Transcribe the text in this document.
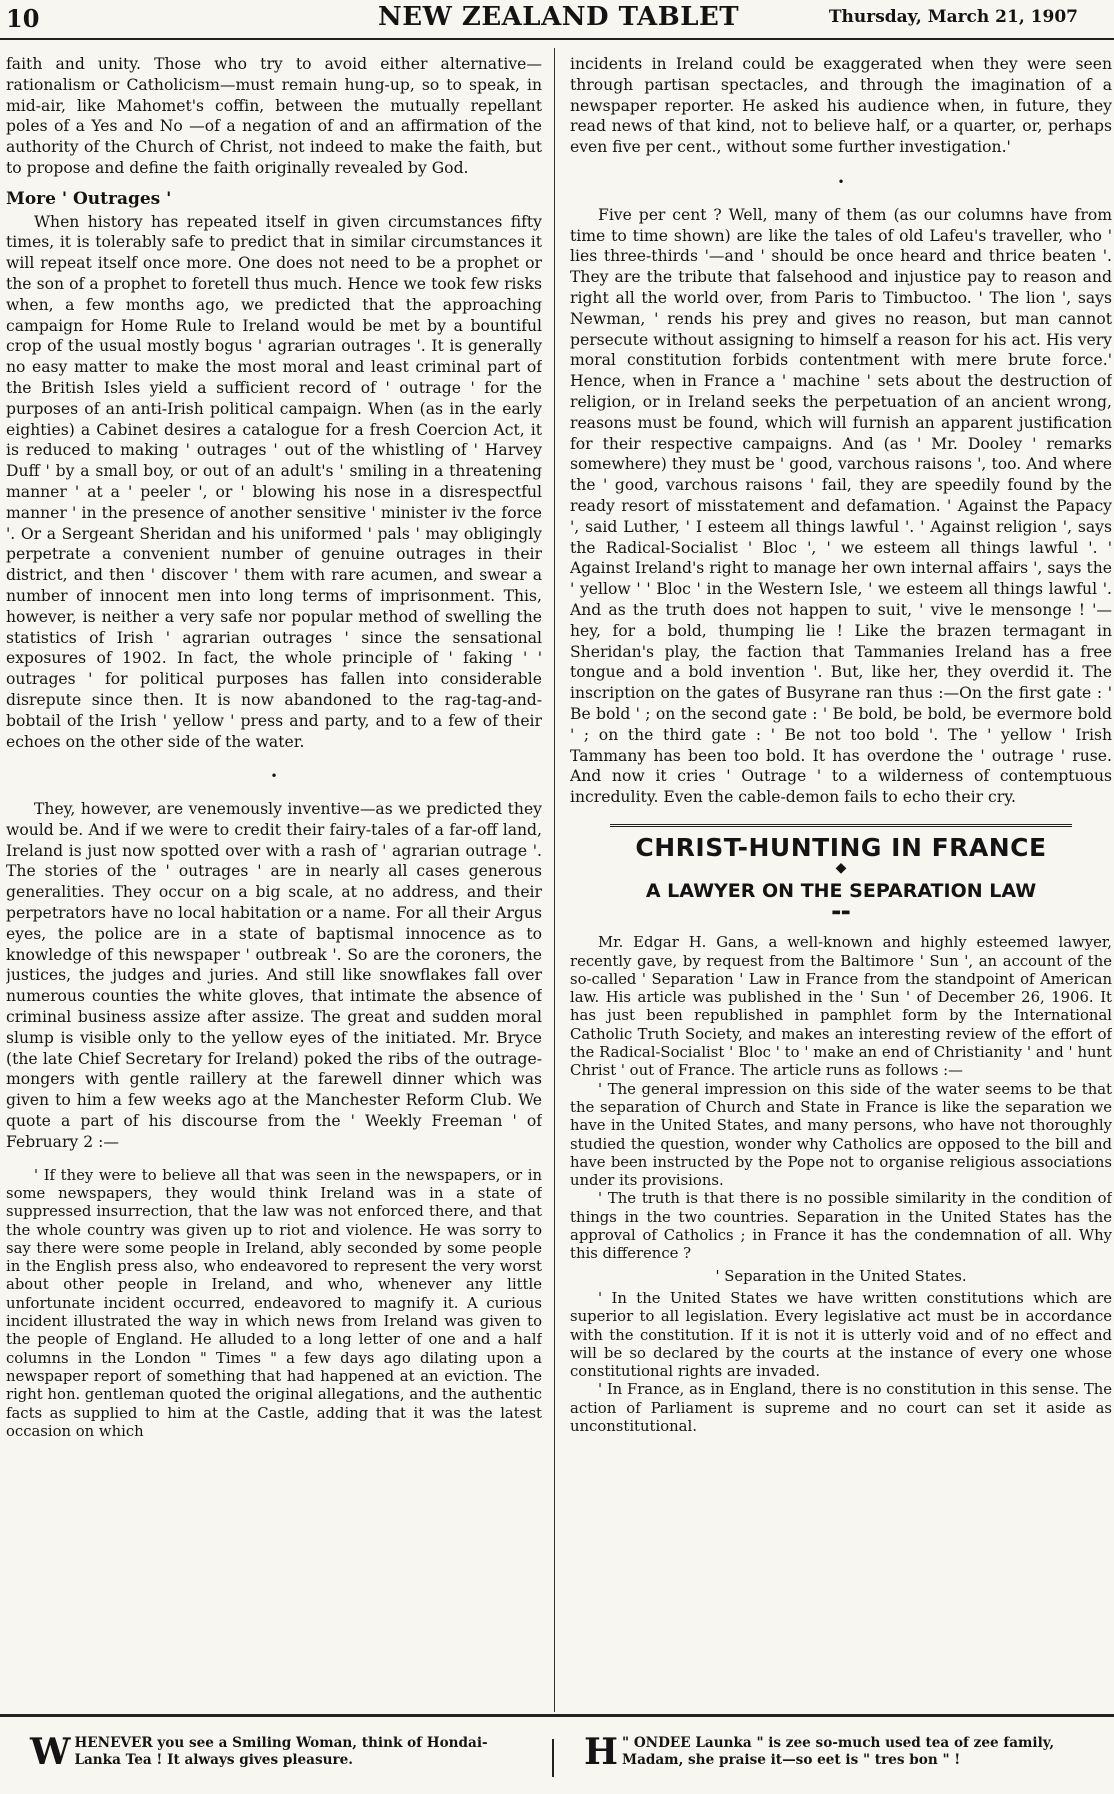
10	NEW ZEALAND TABLET	Thursday, March 21, 1907

faith and unity. Those who try to avoid either alternative—rationalism or Catholicism—must remain hung-up, so to speak, in mid-air, like Mahomet's coffin, between the mutually repellant poles of a Yes and No —of a negation of and an affirmation of the authority of the Church of Christ, not indeed to make the faith, but to propose and define the faith originally revealed by God.

More ' Outrages '

When history has repeated itself in given circumstances fifty times, it is tolerably safe to predict that in similar circumstances it will repeat itself once more. One does not need to be a prophet or the son of a prophet to foretell thus much. Hence we took few risks when, a few months ago, we predicted that the approaching campaign for Home Rule to Ireland would be met by a bountiful crop of the usual mostly bogus ' agrarian outrages '. It is generally no easy matter to make the most moral and least criminal part of the British Isles yield a sufficient record of ' outrage ' for the purposes of an anti-Irish political campaign. When (as in the early eighties) a Cabinet desires a catalogue for a fresh Coercion Act, it is reduced to making ' outrages ' out of the whistling of ' Harvey Duff ' by a small boy, or out of an adult's ' smiling in a threatening manner ' at a ' peeler ', or ' blowing his nose in a disrespectful manner ' in the presence of another sensitive ' minister iv the force '. Or a Sergeant Sheridan and his uniformed ' pals ' may obligingly perpetrate a convenient number of genuine outrages in their district, and then ' discover ' them with rare acumen, and swear a number of innocent men into long terms of imprisonment. This, however, is neither a very safe nor popular method of swelling the statistics of Irish ' agrarian outrages ' since the sensational exposures of 1902. In fact, the whole principle of ' faking ' ' outrages ' for political purposes has fallen into considerable disrepute since then. It is now abandoned to the rag-tag-and-bobtail of the Irish ' yellow ' press and party, and to a few of their echoes on the other side of the water.

•

They, however, are venemously inventive—as we predicted they would be. And if we were to credit their fairy-tales of a far-off land, Ireland is just now spotted over with a rash of ' agrarian outrage '. The stories of the ' outrages ' are in nearly all cases generous generalities. They occur on a big scale, at no address, and their perpetrators have no local habitation or a name. For all their Argus eyes, the police are in a state of baptismal innocence as to knowledge of this newspaper ' outbreak '. So are the coroners, the justices, the judges and juries. And still like snowflakes fall over numerous counties the white gloves, that intimate the absence of criminal business assize after assize. The great and sudden moral slump is visible only to the yellow eyes of the initiated. Mr. Bryce (the late Chief Secretary for Ireland) poked the ribs of the outrage-mongers with gentle raillery at the farewell dinner which was given to him a few weeks ago at the Manchester Reform Club. We quote a part of his discourse from the ' Weekly Freeman ' of February 2 :—

' If they were to believe all that was seen in the newspapers, or in some newspapers, they would think Ireland was in a state of suppressed insurrection, that the law was not enforced there, and that the whole country was given up to riot and violence. He was sorry to say there were some people in Ireland, ably seconded by some people in the English press also, who endeavored to represent the very worst about other people in Ireland, and who, whenever any little unfortunate incident occurred, endeavored to magnify it. A curious incident illustrated the way in which news from Ireland was given to the people of England. He alluded to a long letter of one and a half columns in the London " Times " a few days ago dilating upon a newspaper report of something that had happened at an eviction. The right hon. gentleman quoted the original allegations, and the authentic facts as supplied to him at the Castle, adding that it was the latest occasion on which

incidents in Ireland could be exaggerated when they were seen through partisan spectacles, and through the imagination of a newspaper reporter. He asked his audience when, in future, they read news of that kind, not to believe half, or a quarter, or, perhaps even five per cent., without some further investigation.'

•

Five per cent ? Well, many of them (as our columns have from time to time shown) are like the tales of old Lafeu's traveller, who ' lies three-thirds '—and ' should be once heard and thrice beaten '. They are the tribute that falsehood and injustice pay to reason and right all the world over, from Paris to Timbuctoo. ' The lion ', says Newman, ' rends his prey and gives no reason, but man cannot persecute without assigning to himself a reason for his act. His very moral constitution forbids contentment with mere brute force.' Hence, when in France a ' machine ' sets about the destruction of religion, or in Ireland seeks the perpetuation of an ancient wrong, reasons must be found, which will furnish an apparent justification for their respective campaigns. And (as ' Mr. Dooley ' remarks somewhere) they must be ' good, varchous raisons ', too. And where the ' good, varchous raisons ' fail, they are speedily found by the ready resort of misstatement and defamation. ' Against the Papacy ', said Luther, ' I esteem all things lawful '. ' Against religion ', says the Radical-Socialist ' Bloc ', ' we esteem all things lawful '. ' Against Ireland's right to manage her own internal affairs ', says the ' yellow ' ' Bloc ' in the Western Isle, ' we esteem all things lawful '. And as the truth does not happen to suit, ' vive le mensonge ! '—hey, for a bold, thumping lie ! Like the brazen termagant in Sheridan's play, the faction that Tammanies Ireland has a free tongue and a bold invention '. But, like her, they overdid it. The inscription on the gates of Busyrane ran thus :—On the first gate : ' Be bold ' ; on the second gate : ' Be bold, be bold, be evermore bold ' ; on the third gate : ' Be not too bold '. The ' yellow ' Irish Tammany has been too bold. It has overdone the ' outrage ' ruse. And now it cries ' Outrage ' to a wilderness of contemptuous incredulity. Even the cable-demon fails to echo their cry.

CHRIST-HUNTING IN FRANCE
◆
A LAWYER ON THE SEPARATION LAW
▬▬

Mr. Edgar H. Gans, a well-known and highly esteemed lawyer, recently gave, by request from the Baltimore ' Sun ', an account of the so-called ' Separation ' Law in France from the standpoint of American law. His article was published in the ' Sun ' of December 26, 1906. It has just been republished in pamphlet form by the International Catholic Truth Society, and makes an interesting review of the effort of the Radical-Socialist ' Bloc ' to ' make an end of Christianity ' and ' hunt Christ ' out of France. The article runs as follows :—

' The general impression on this side of the water seems to be that the separation of Church and State in France is like the separation we have in the United States, and many persons, who have not thoroughly studied the question, wonder why Catholics are opposed to the bill and have been instructed by the Pope not to organise religious associations under its provisions.

' The truth is that there is no possible similarity in the condition of things in the two countries. Separation in the United States has the approval of Catholics ; in France it has the condemnation of all. Why this difference ?

' Separation in the United States.

' In the United States we have written constitutions which are superior to all legislation. Every legislative act must be in accordance with the constitution. If it is not it is utterly void and of no effect and will be so declared by the courts at the instance of every one whose constitutional rights are invaded.

' In France, as in England, there is no constitution in this sense. The action of Parliament is supreme and no court can set it aside as unconstitutional.

W HENEVER you see a Smiling Woman, think of Hondai-Lanka Tea ! It always gives pleasure.
"
H ONDEE Launka " is zee so-much used tea of zee family, Madam, she praise it—so eet is " tres bon " !
